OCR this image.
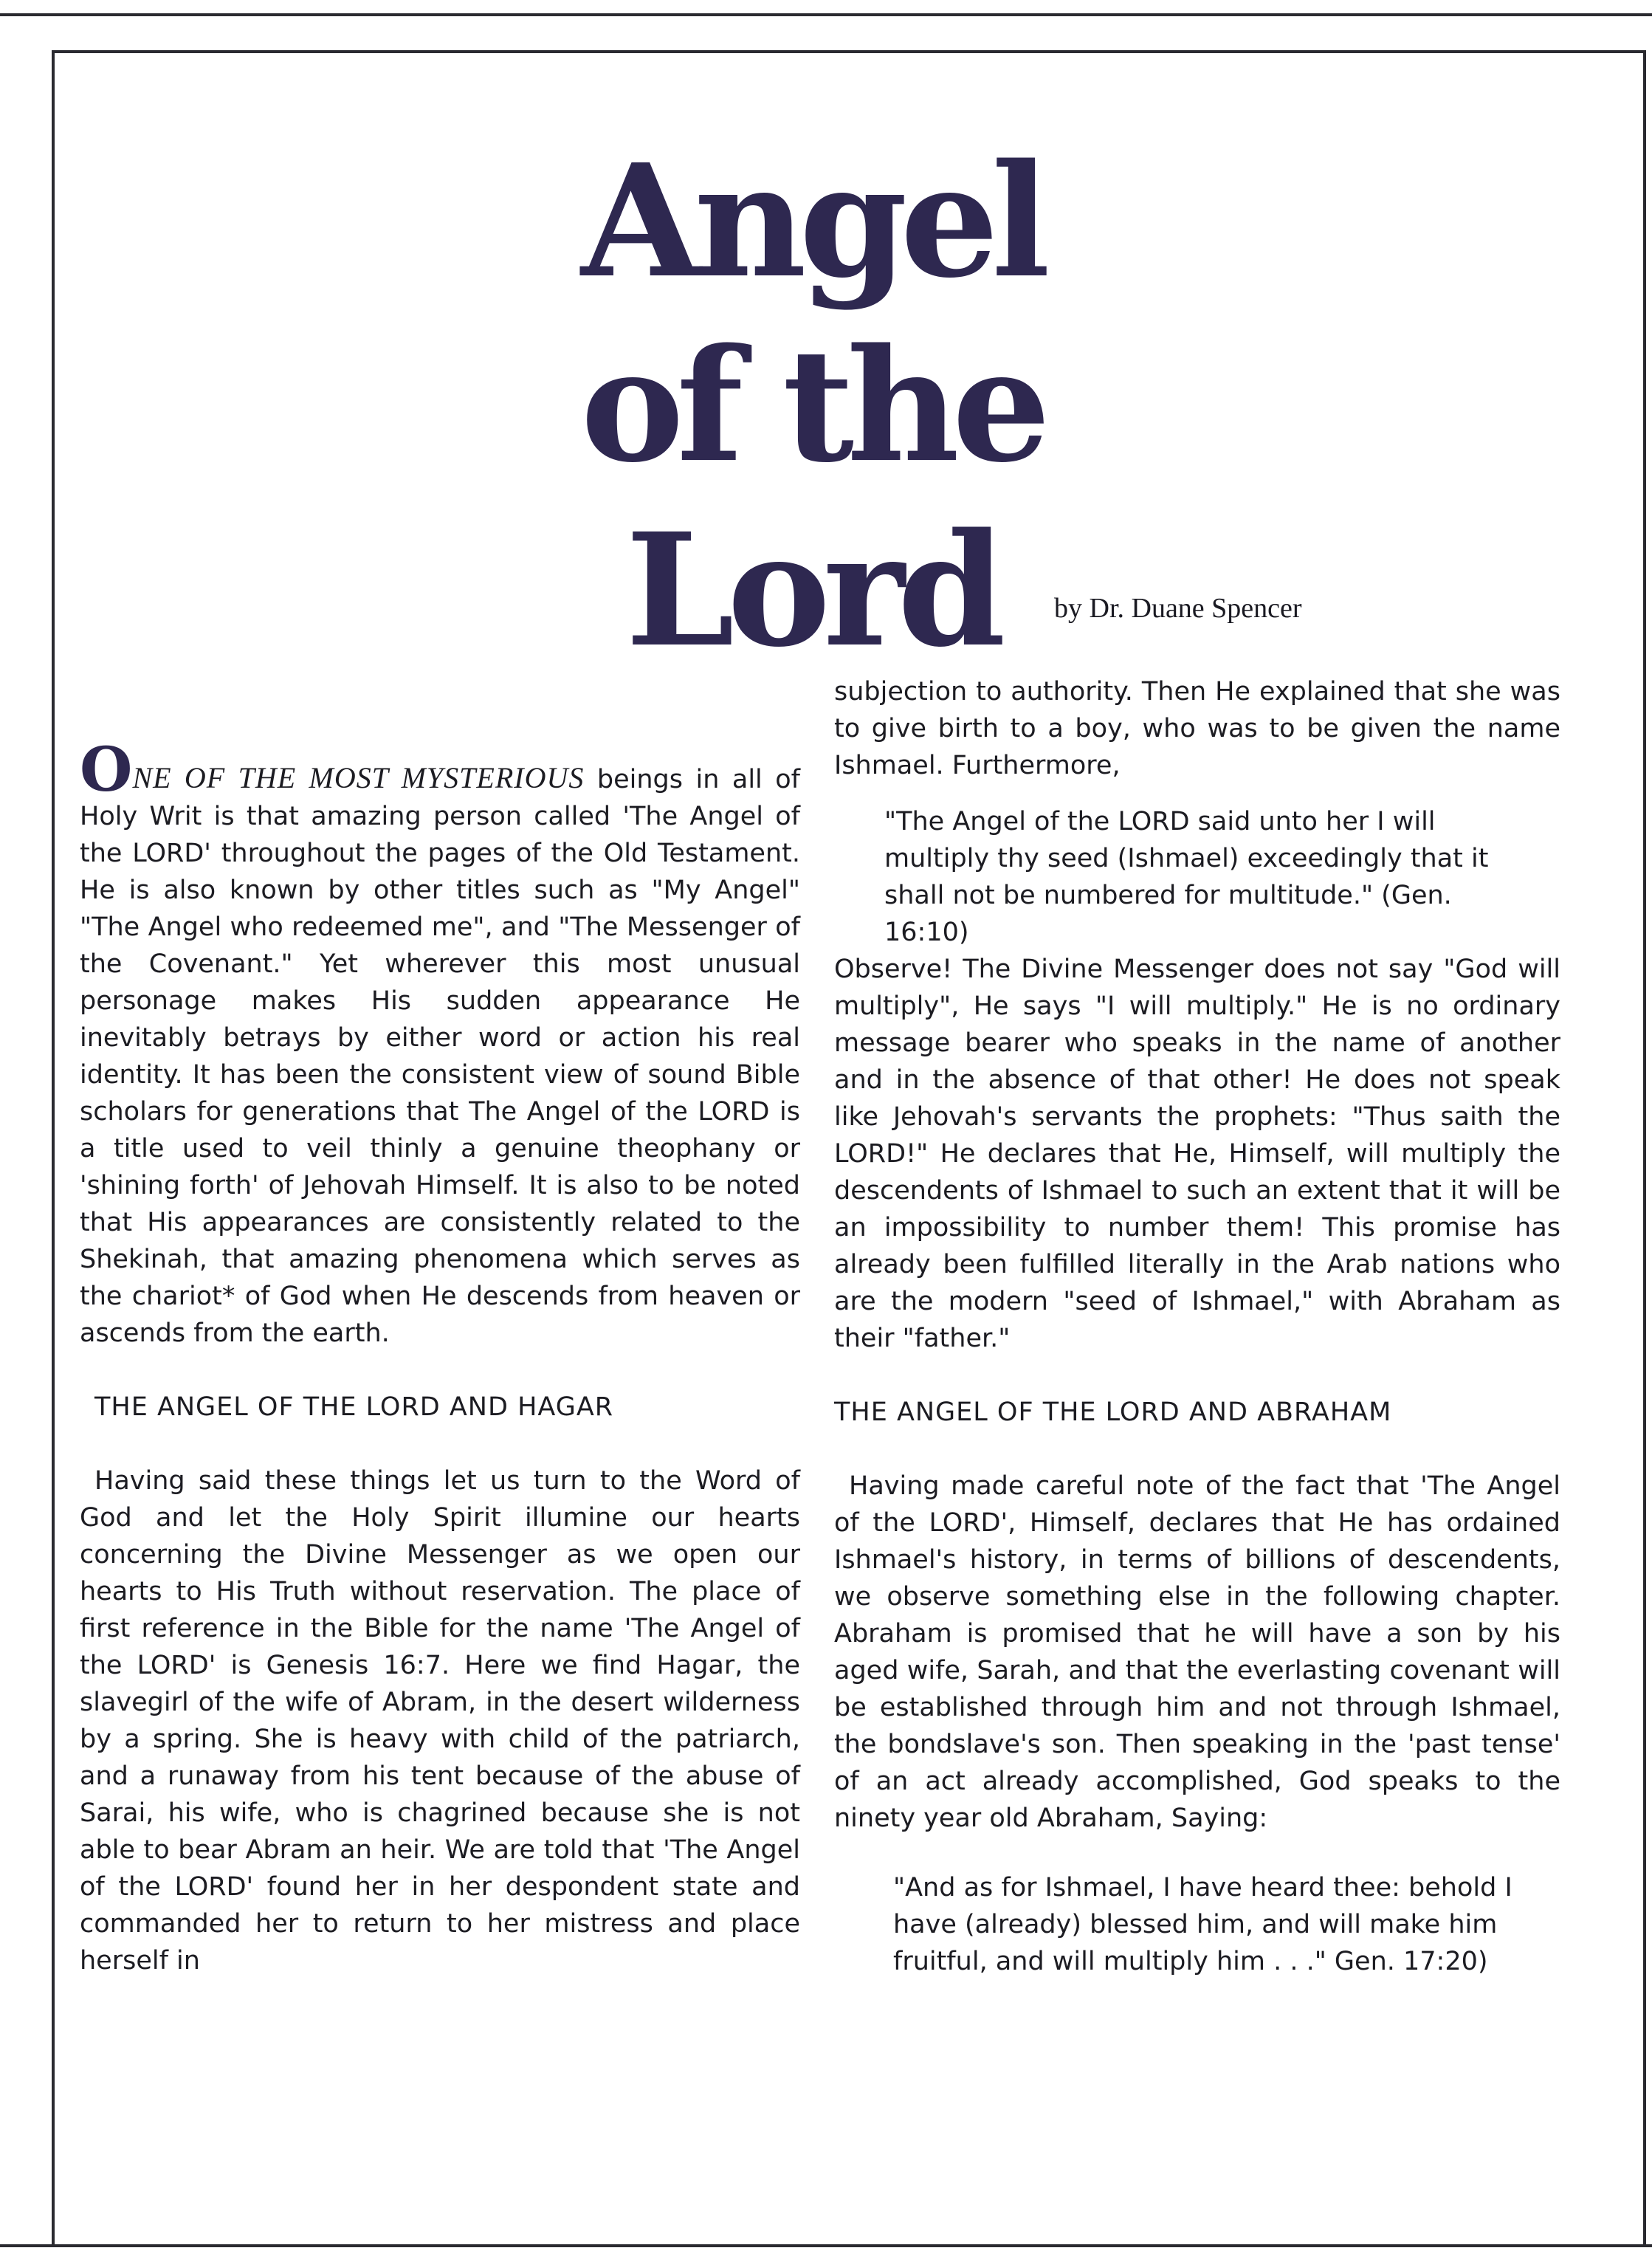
Angel
of the
Lord	by Dr. Duane Spencer

ONE OF THE MOST MYSTERIOUS beings in all of Holy Writ is that amazing person called 'The Angel of the LORD' throughout the pages of the Old Testament. He is also known by other titles such as "My Angel" "The Angel who redeemed me", and "The Messenger of the Covenant." Yet wherever this most unusual personage makes His sudden appearance He inevitably betrays by either word or action his real identity. It has been the consistent view of sound Bible scholars for generations that The Angel of the LORD is a title used to veil thinly a genuine theophany or 'shining forth' of Jehovah Himself. It is also to be noted that His appearances are consistently related to the Shekinah, that amazing phenomena which serves as the chariot* of God when He descends from heaven or ascends from the earth.

THE ANGEL OF THE LORD AND HAGAR

Having said these things let us turn to the Word of God and let the Holy Spirit illumine our hearts concerning the Divine Messenger as we open our hearts to His Truth without reservation. The place of first reference in the Bible for the name 'The Angel of the LORD' is Genesis 16:7. Here we find Hagar, the slavegirl of the wife of Abram, in the desert wilderness by a spring. She is heavy with child of the patriarch, and a runaway from his tent because of the abuse of Sarai, his wife, who is chagrined because she is not able to bear Abram an heir. We are told that 'The Angel of the LORD' found her in her despondent state and commanded her to return to her mistress and place herself in

subjection to authority. Then He explained that she was to give birth to a boy, who was to be given the name Ishmael. Furthermore,

"The Angel of the LORD said unto her I will multiply thy seed (Ishmael) exceedingly that it shall not be numbered for multitude." (Gen. 16:10)

Observe! The Divine Messenger does not say "God will multiply", He says "I will multiply." He is no ordinary message bearer who speaks in the name of another and in the absence of that other! He does not speak like Jehovah's servants the prophets: "Thus saith the LORD!" He declares that He, Himself, will multiply the descendents of Ishmael to such an extent that it will be an impossibility to number them! This promise has already been fulfilled literally in the Arab nations who are the modern "seed of Ishmael," with Abraham as their "father."

THE ANGEL OF THE LORD AND ABRAHAM

Having made careful note of the fact that 'The Angel of the LORD', Himself, declares that He has ordained Ishmael's history, in terms of billions of descendents, we observe something else in the following chapter. Abraham is promised that he will have a son by his aged wife, Sarah, and that the everlasting covenant will be established through him and not through Ishmael, the bondslave's son. Then speaking in the 'past tense' of an act already accomplished, God speaks to the ninety year old Abraham, Saying:

"And as for Ishmael, I have heard thee: behold I have (already) blessed him, and will make him fruitful, and will multiply him . . ." Gen. 17:20)
